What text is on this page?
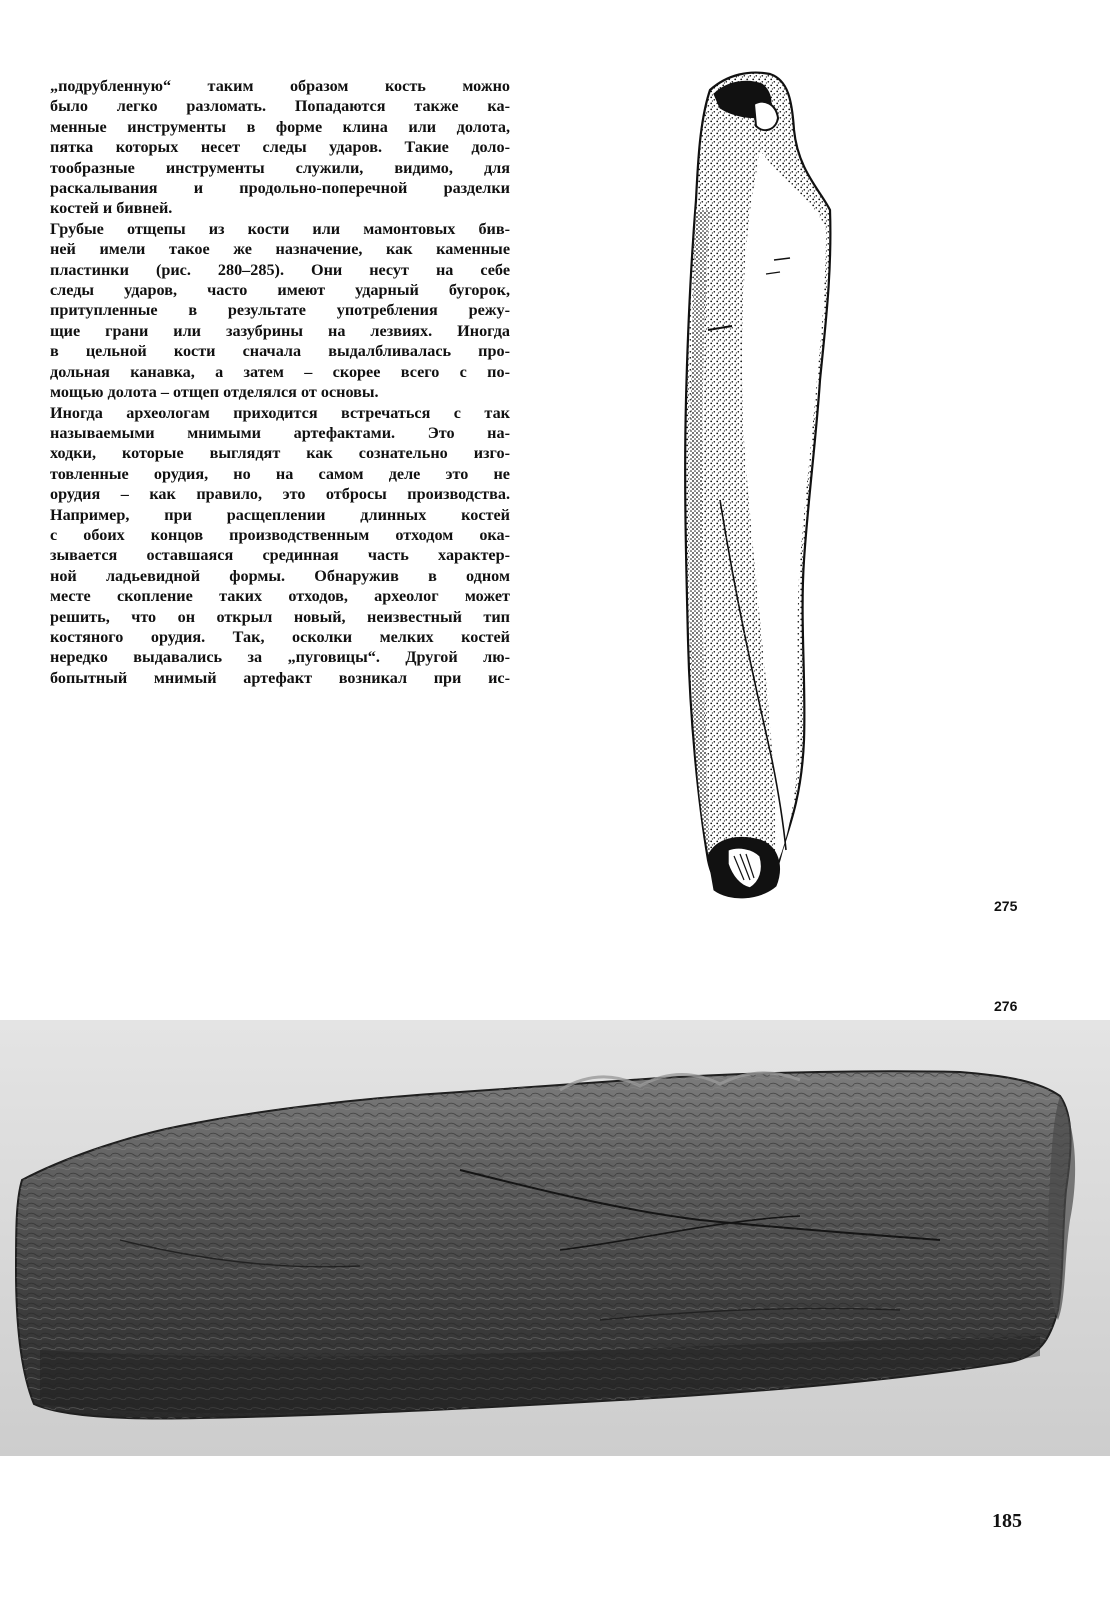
„подрубленную“ таким образом кость можно

было легко разломать. Попадаются также ка-

менные инструменты в форме клина или долота,

пятка которых несет следы ударов. Такие доло-

тообразные инструменты служили, видимо, для

раскалывания и продольно-поперечной разделки

костей и бивней.

Грубые отщепы из кости или мамонтовых бив-

ней имели такое же назначение, как каменные

пластинки (рис. 280–285). Они несут на себе

следы ударов, часто имеют ударный бугорок,

притупленные в результате употребления режу-

щие грани или зазубрины на лезвиях. Иногда

в цельной кости сначала выдалбливалась про-

дольная канавка, а затем – скорее всего с по-

мощью долота – отщеп отделялся от основы.

Иногда археологам приходится встречаться с так

называемыми мнимыми артефактами. Это на-

ходки, которые выглядят как сознательно изго-

товленные орудия, но на самом деле это не

орудия – как правило, это отбросы производства.

Например, при расщеплении длинных костей

с обоих концов производственным отходом ока-

зывается оставшаяся срединная часть характер-

ной ладьевидной формы. Обнаружив в одном

месте скопление таких отходов, археолог может

решить, что он открыл новый, неизвестный тип

костяного орудия. Так, осколки мелких костей

нередко выдавались за „пуговицы“. Другой лю-

бопытный мнимый артефакт возникал при ис-

275
276
185
